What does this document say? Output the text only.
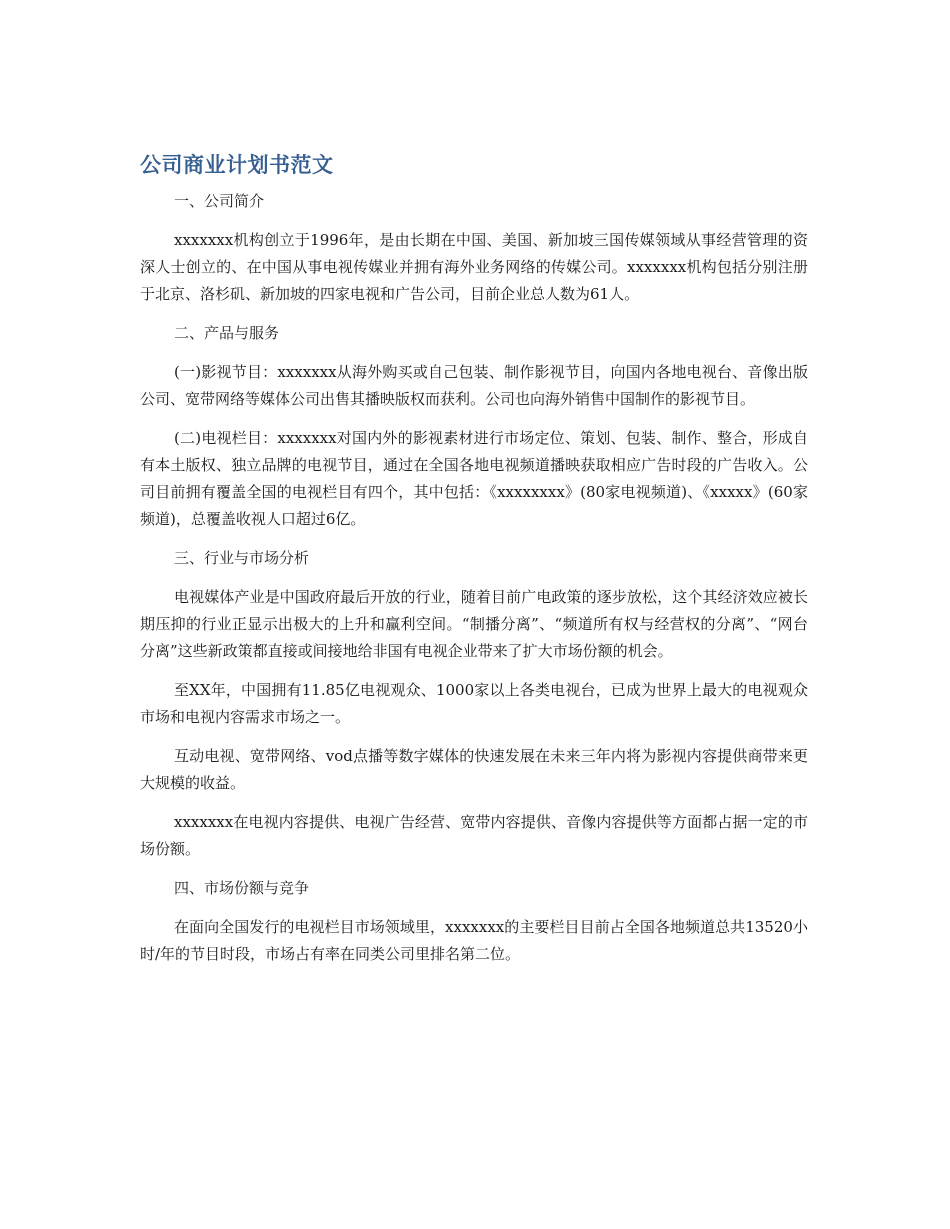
公司商业计划书范文

一、公司简介

xxxxxxx机构创立于1996年，是由长期在中国、美国、新加坡三国传媒领域从事经营管理的资深人士创立的、在中国从事电视传媒业并拥有海外业务网络的传媒公司。xxxxxxx机构包括分别注册于北京、洛杉矶、新加坡的四家电视和广告公司，目前企业总人数为61人。

二、产品与服务

(一)影视节目：xxxxxxx从海外购买或自己包装、制作影视节目，向国内各地电视台、音像出版公司、宽带网络等媒体公司出售其播映版权而获利。公司也向海外销售中国制作的影视节目。

(二)电视栏目：xxxxxxx对国内外的影视素材进行市场定位、策划、包装、制作、整合，形成自有本土版权、独立品牌的电视节目，通过在全国各地电视频道播映获取相应广告时段的广告收入。公司目前拥有覆盖全国的电视栏目有四个，其中包括：《xxxxxxxx》(80家电视频道)、《xxxxx》(60家频道)，总覆盖收视人口超过6亿。

三、行业与市场分析

电视媒体产业是中国政府最后开放的行业，随着目前广电政策的逐步放松，这个其经济效应被长期压抑的行业正显示出极大的上升和赢利空间。“制播分离”、“频道所有权与经营权的分离”、“网台分离”这些新政策都直接或间接地给非国有电视企业带来了扩大市场份额的机会。

至XX年，中国拥有11.85亿电视观众、1000家以上各类电视台，已成为世界上最大的电视观众市场和电视内容需求市场之一。

互动电视、宽带网络、vod点播等数字媒体的快速发展在未来三年内将为影视内容提供商带来更大规模的收益。

xxxxxxx在电视内容提供、电视广告经营、宽带内容提供、音像内容提供等方面都占据一定的市场份额。

四、市场份额与竞争

在面向全国发行的电视栏目市场领域里，xxxxxxx的主要栏目目前占全国各地频道总共13520小时/年的节目时段，市场占有率在同类公司里排名第二位。
